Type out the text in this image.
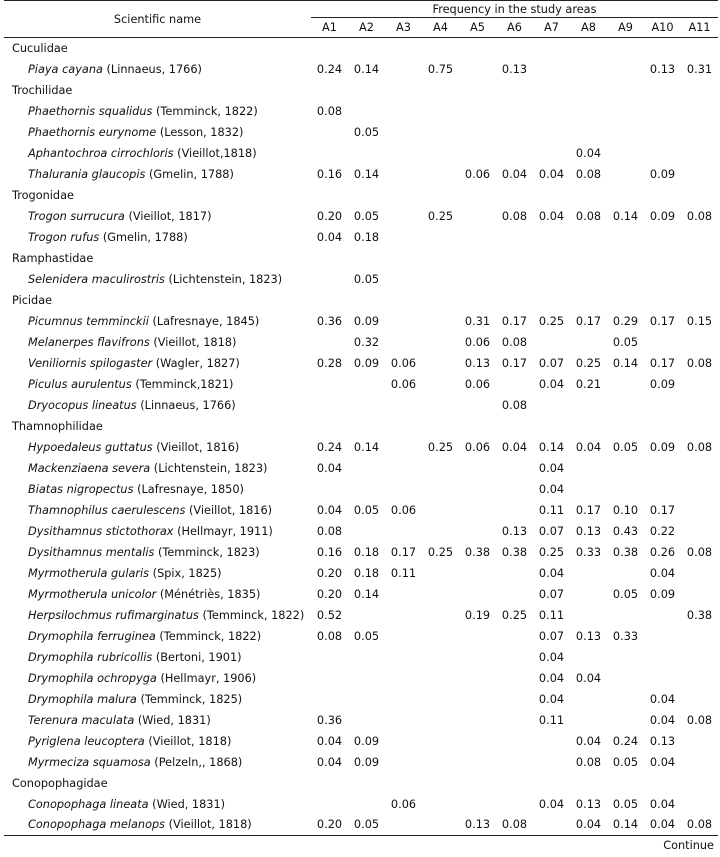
Scientific name	Frequency in the study areas										
	A1	A2	A3	A4	A5	A6	A7	A8	A9	A10	A11
Cuculidae											
Piaya cayana (Linnaeus, 1766)	0.24	0.14		0.75		0.13				0.13	0.31
Trochilidae											
Phaethornis squalidus (Temminck, 1822)	0.08										
Phaethornis eurynome (Lesson, 1832)		0.05									
Aphantochroa cirrochloris (Vieillot,1818)								0.04			
Thalurania glaucopis (Gmelin, 1788)	0.16	0.14			0.06	0.04	0.04	0.08		0.09	
Trogonidae											
Trogon surrucura (Vieillot, 1817)	0.20	0.05		0.25		0.08	0.04	0.08	0.14	0.09	0.08
Trogon rufus (Gmelin, 1788)	0.04	0.18									
Ramphastidae											
Selenidera maculirostris (Lichtenstein, 1823)		0.05									
Picidae											
Picumnus temminckii (Lafresnaye, 1845)	0.36	0.09			0.31	0.17	0.25	0.17	0.29	0.17	0.15
Melanerpes flavifrons (Vieillot, 1818)		0.32			0.06	0.08			0.05		
Veniliornis spilogaster (Wagler, 1827)	0.28	0.09	0.06		0.13	0.17	0.07	0.25	0.14	0.17	0.08
Piculus aurulentus (Temminck,1821)			0.06		0.06		0.04	0.21		0.09	
Dryocopus lineatus (Linnaeus, 1766)						0.08					
Thamnophilidae											
Hypoedaleus guttatus (Vieillot, 1816)	0.24	0.14		0.25	0.06	0.04	0.14	0.04	0.05	0.09	0.08
Mackenziaena severa (Lichtenstein, 1823)	0.04						0.04				
Biatas nigropectus (Lafresnaye, 1850)							0.04				
Thamnophilus caerulescens (Vieillot, 1816)	0.04	0.05	0.06				0.11	0.17	0.10	0.17	
Dysithamnus stictothorax (Hellmayr, 1911)	0.08					0.13	0.07	0.13	0.43	0.22	
Dysithamnus mentalis (Temminck, 1823)	0.16	0.18	0.17	0.25	0.38	0.38	0.25	0.33	0.38	0.26	0.08
Myrmotherula gularis (Spix, 1825)	0.20	0.18	0.11				0.04			0.04	
Myrmotherula unicolor (Ménétriès, 1835)	0.20	0.14					0.07		0.05	0.09	
Herpsilochmus rufimarginatus (Temminck, 1822)	0.52				0.19	0.25	0.11				0.38
Drymophila ferruginea (Temminck, 1822)	0.08	0.05					0.07	0.13	0.33		
Drymophila rubricollis (Bertoni, 1901)							0.04				
Drymophila ochropyga (Hellmayr, 1906)							0.04	0.04			
Drymophila malura (Temminck, 1825)							0.04			0.04	
Terenura maculata (Wied, 1831)	0.36						0.11			0.04	0.08
Pyriglena leucoptera (Vieillot, 1818)	0.04	0.09						0.04	0.24	0.13	
Myrmeciza squamosa (Pelzeln,, 1868)	0.04	0.09						0.08	0.05	0.04	
Conopophagidae											
Conopophaga lineata (Wied, 1831)			0.06				0.04	0.13	0.05	0.04	
Conopophaga melanops (Vieillot, 1818)	0.20	0.05			0.13	0.08		0.04	0.14	0.04	0.08
Continue
